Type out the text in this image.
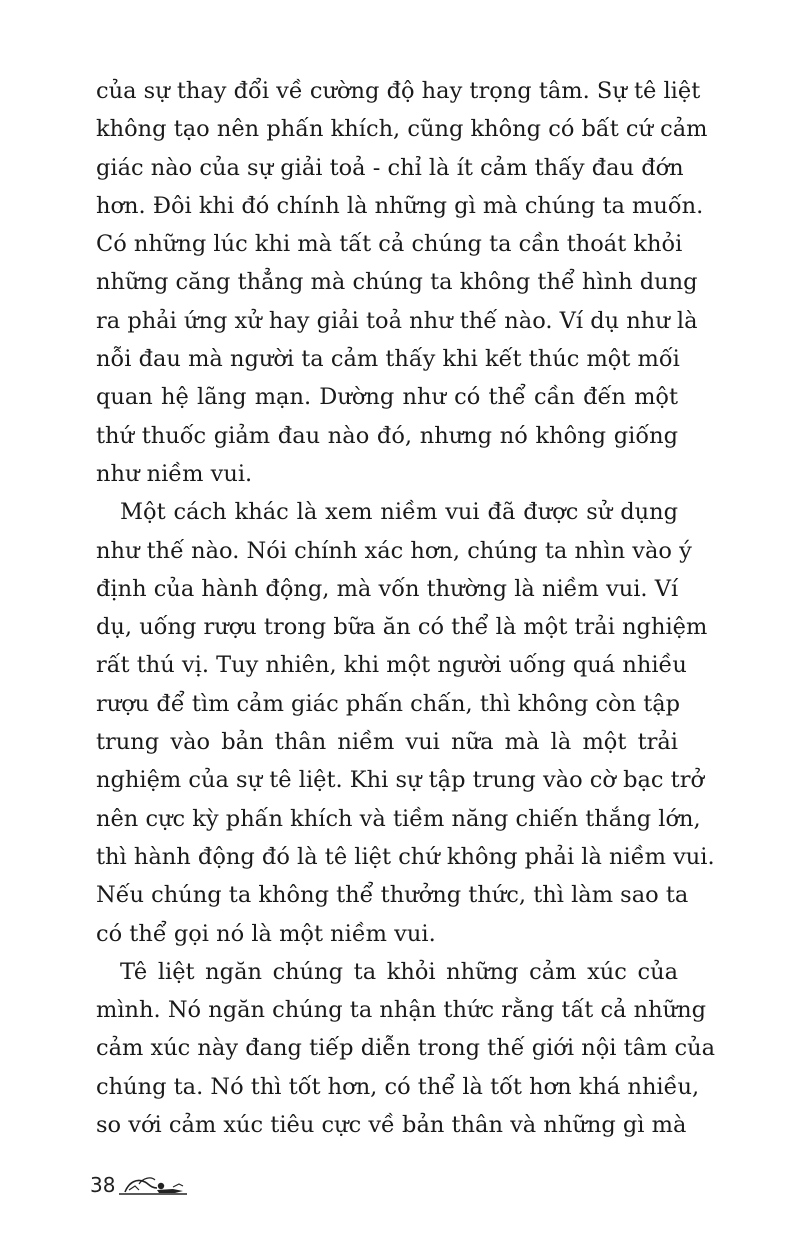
của sự thay đổi về cường độ hay trọng tâm. Sự tê liệt
không tạo nên phấn khích, cũng không có bất cứ cảm
giác nào của sự giải toả - chỉ là ít cảm thấy đau đớn
hơn. Đôi khi đó chính là những gì mà chúng ta muốn.
Có những lúc khi mà tất cả chúng ta cần thoát khỏi
những căng thẳng mà chúng ta không thể hình dung
ra phải ứng xử hay giải toả như thế nào. Ví dụ như là
nỗi đau mà người ta cảm thấy khi kết thúc một mối
quan hệ lãng mạn. Dường như có thể cần đến một
thứ thuốc giảm đau nào đó, nhưng nó không giống
như niềm vui.
Một cách khác là xem niềm vui đã được sử dụng
như thế nào. Nói chính xác hơn, chúng ta nhìn vào ý
định của hành động, mà vốn thường là niềm vui. Ví
dụ, uống rượu trong bữa ăn có thể là một trải nghiệm
rất thú vị. Tuy nhiên, khi một người uống quá nhiều
rượu để tìm cảm giác phấn chấn, thì không còn tập
trung vào bản thân niềm vui nữa mà là một trải
nghiệm của sự tê liệt. Khi sự tập trung vào cờ bạc trở
nên cực kỳ phấn khích và tiềm năng chiến thắng lớn,
thì hành động đó là tê liệt chứ không phải là niềm vui.
Nếu chúng ta không thể thưởng thức, thì làm sao ta
có thể gọi nó là một niềm vui.
Tê liệt ngăn chúng ta khỏi những cảm xúc của
mình. Nó ngăn chúng ta nhận thức rằng tất cả những
cảm xúc này đang tiếp diễn trong thế giới nội tâm của
chúng ta. Nó thì tốt hơn, có thể là tốt hơn khá nhiều,
so với cảm xúc tiêu cực về bản thân và những gì mà
38
